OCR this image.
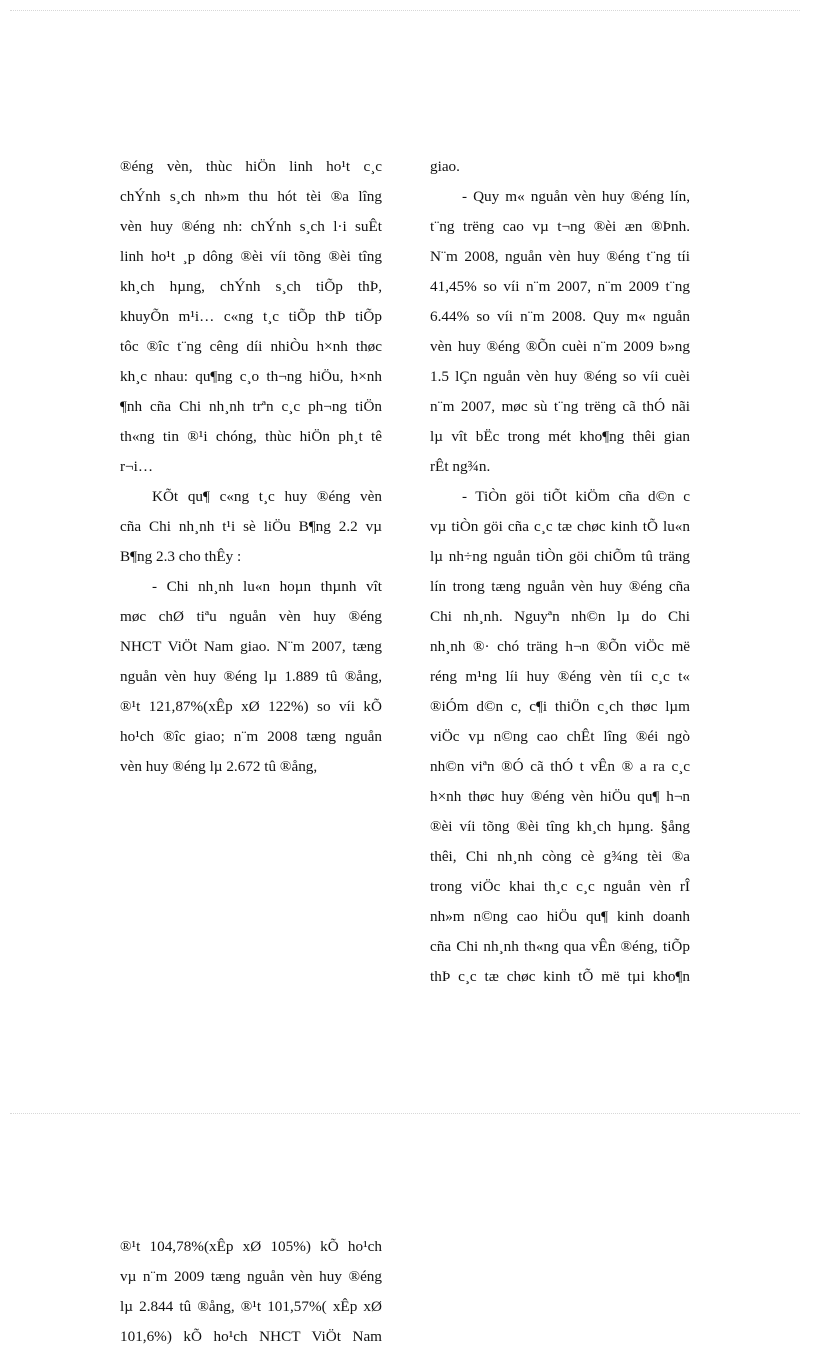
®éng vèn, thùc hiÖn linh ho¹t c¸c
chÝnh s¸ch nh»m thu hót tèi ®a lîng
vèn huy ®éng nh: chÝnh s¸ch l·i suÊt
linh ho¹t ¸p dông ®èi víi tõng ®èi tîng
kh¸ch hµng, chÝnh s¸ch tiÕp thÞ,
khuyÕn m¹i… c«ng t¸c tiÕp thÞ tiÕp
tôc ®îc t¨ng cêng díi nhiÒu h×nh thøc
kh¸c nhau: qu¶ng c¸o th¬ng hiÖu, h×nh
¶nh cña Chi nh¸nh trªn c¸c ph¬ng tiÖn
th«ng tin ®¹i chóng, thùc hiÖn ph¸t tê
r¬i…
KÕt qu¶ c«ng t¸c huy ®éng vèn
cña Chi nh¸nh t¹i sè liÖu B¶ng 2.2 vµ
B¶ng 2.3 cho thÊy :
- Chi nh¸nh lu«n hoµn thµnh vît
møc chØ tiªu nguån vèn huy ®éng
NHCT ViÖt Nam giao. N¨m 2007, tæng
nguån vèn huy ®éng lµ 1.889 tû ®ång,
®¹t 121,87%(xÊp xØ 122%) so víi kÕ
ho¹ch ®îc giao; n¨m 2008 tæng nguån
vèn huy ®éng lµ 2.672 tû ®ång,
®¹t 104,78%(xÊp xØ 105%) kÕ ho¹ch
vµ n¨m 2009 tæng nguån vèn huy ®éng
lµ 2.844 tû ®ång, ®¹t 101,57%( xÊp xØ
101,6%) kÕ ho¹ch NHCT ViÖt Nam
giao.
- Quy m« nguån vèn huy ®éng lín,
t¨ng trëng cao vµ t¬ng ®èi æn ®Þnh.
N¨m 2008, nguån vèn huy ®éng t¨ng tíi
41,45% so víi n¨m 2007, n¨m 2009 t¨ng
6.44% so víi n¨m 2008. Quy m« nguån
vèn huy ®éng ®Õn cuèi n¨m 2009 b»ng
1.5 lÇn nguån vèn huy ®éng so víi cuèi
n¨m 2007, møc sù t¨ng trëng cã thÓ nãi
lµ vît bËc trong mét kho¶ng thêi gian
rÊt ng¾n.
- TiÒn göi tiÕt kiÖm cña d©n c
vµ tiÒn göi cña c¸c tæ chøc kinh tÕ lu«n
lµ nh÷ng nguån tiÒn göi chiÕm tû träng
lín trong tæng nguån vèn huy ®éng cña
Chi nh¸nh. Nguyªn nh©n lµ do Chi
nh¸nh ®· chó träng h¬n ®Õn viÖc më
réng m¹ng líi huy ®éng vèn tíi c¸c t«
®iÓm d©n c, c¶i thiÖn c¸ch thøc lµm
viÖc vµ n©ng cao chÊt lîng ®éi ngò
nh©n viªn ®Ó cã thÓ t vÊn ® a ra c¸c
h×nh thøc huy ®éng vèn hiÖu qu¶ h¬n
®èi víi tõng ®èi tîng kh¸ch hµng. §ång
thêi, Chi nh¸nh còng cè g¾ng tèi ®a
trong viÖc khai th¸c c¸c nguån vèn rÎ
nh»m n©ng cao hiÖu qu¶ kinh doanh
cña Chi nh¸nh th«ng qua vÊn ®éng, tiÕp
thÞ c¸c tæ chøc kinh tÕ më tµi kho¶n
